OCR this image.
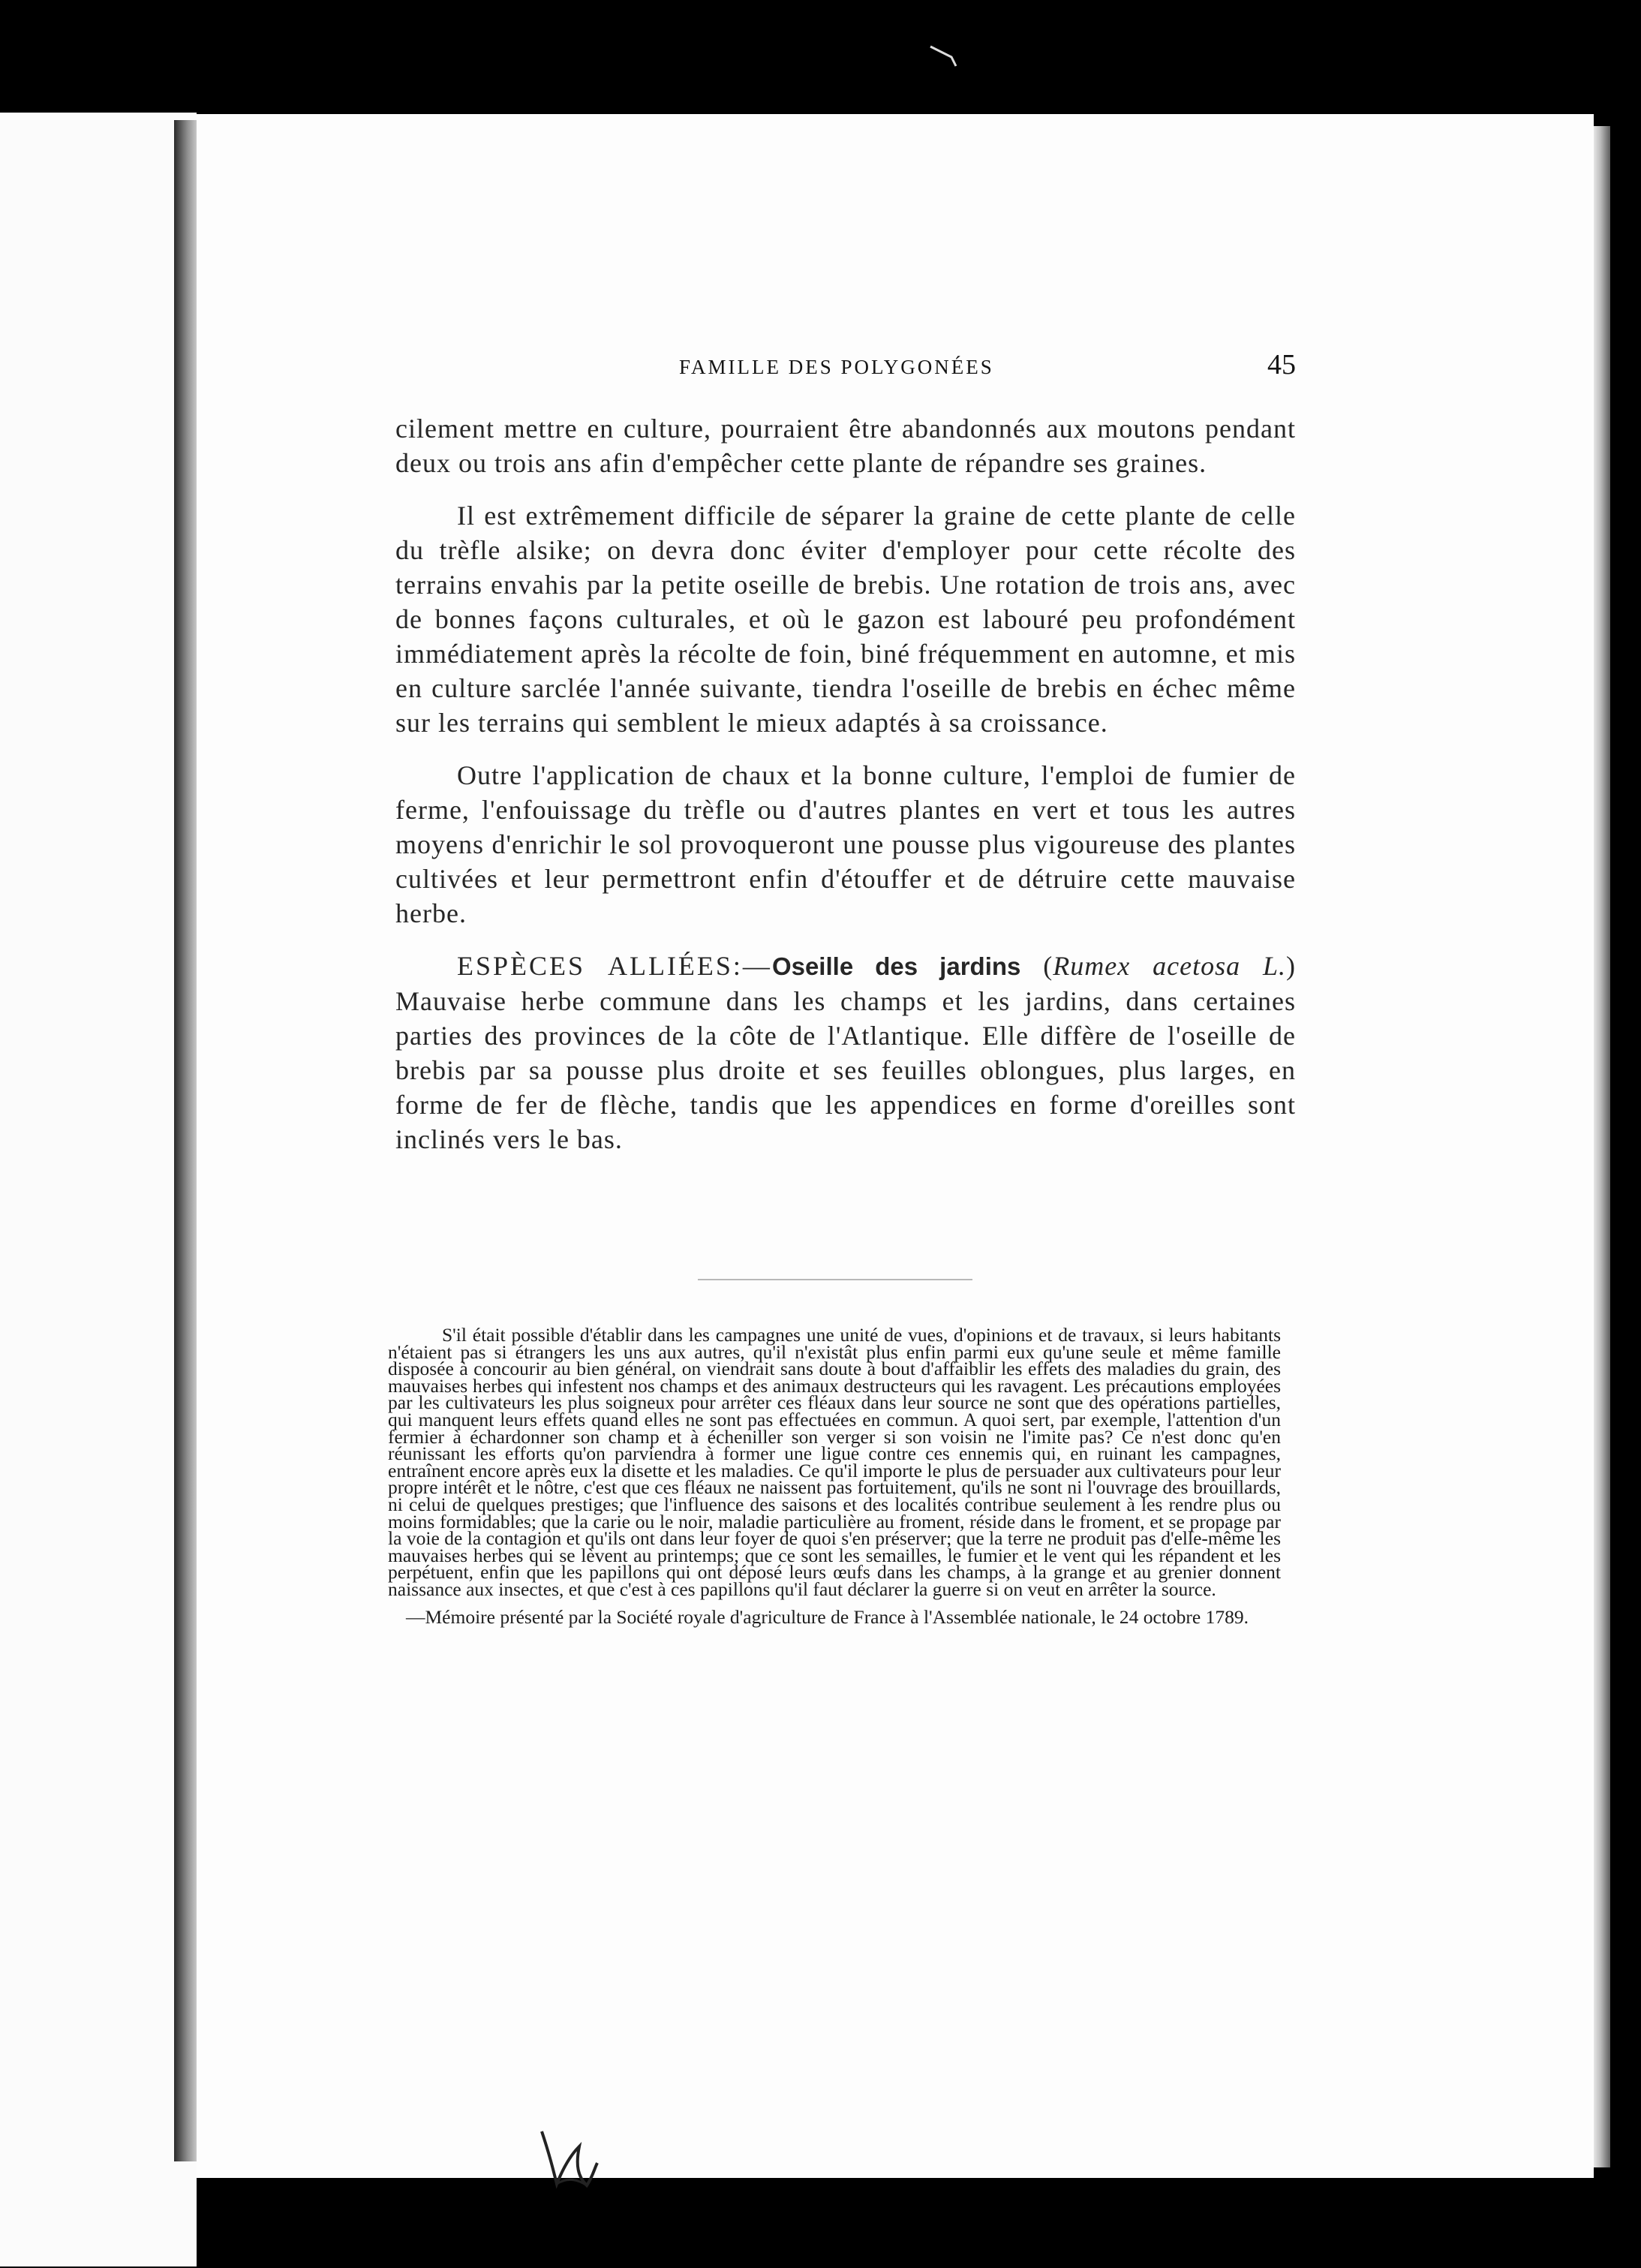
FAMILLE DES POLYGONÉES	45

cilement mettre en culture, pourraient être abandonnés aux moutons pendant deux ou trois ans afin d'empêcher cette plante de répandre ses graines.

Il est extrêmement difficile de séparer la graine de cette plante de celle du trèfle alsike; on devra donc éviter d'employer pour cette récolte des terrains envahis par la petite oseille de brebis. Une rotation de trois ans, avec de bonnes façons culturales, et où le gazon est labouré peu profondément immédiatement après la récolte de foin, biné fréquemment en automne, et mis en culture sarclée l'année suivante, tiendra l'oseille de brebis en échec même sur les terrains qui semblent le mieux adaptés à sa croissance.

Outre l'application de chaux et la bonne culture, l'emploi de fumier de ferme, l'enfouissage du trèfle ou d'autres plantes en vert et tous les autres moyens d'enrichir le sol provoqueront une pousse plus vigoureuse des plantes cultivées et leur permettront enfin d'étouffer et de détruire cette mauvaise herbe.

ESPÈCES ALLIÉES:—Oseille des jardins (Rumex acetosa L.) Mauvaise herbe commune dans les champs et les jardins, dans certaines parties des provinces de la côte de l'Atlantique. Elle diffère de l'oseille de brebis par sa pousse plus droite et ses feuilles oblongues, plus larges, en forme de fer de flèche, tandis que les appendices en forme d'oreilles sont inclinés vers le bas.

S'il était possible d'établir dans les campagnes une unité de vues, d'opinions et de travaux, si leurs habitants n'étaient pas si étrangers les uns aux autres, qu'il n'existât plus enfin parmi eux qu'une seule et même famille disposée à concourir au bien général, on viendrait sans doute à bout d'affaiblir les effets des maladies du grain, des mauvaises herbes qui infestent nos champs et des animaux destructeurs qui les ravagent. Les précautions employées par les cultivateurs les plus soigneux pour arrêter ces fléaux dans leur source ne sont que des opérations partielles, qui manquent leurs effets quand elles ne sont pas effectuées en commun. A quoi sert, par exemple, l'attention d'un fermier à échardonner son champ et à écheniller son verger si son voisin ne l'imite pas? Ce n'est donc qu'en réunissant les efforts qu'on parviendra à former une ligue contre ces ennemis qui, en ruinant les campagnes, entraînent encore après eux la disette et les maladies. Ce qu'il importe le plus de persuader aux cultivateurs pour leur propre intérêt et le nôtre, c'est que ces fléaux ne naissent pas fortuitement, qu'ils ne sont ni l'ouvrage des brouillards, ni celui de quelques prestiges; que l'influence des saisons et des localités contribue seulement à les rendre plus ou moins formidables; que la carie ou le noir, maladie particulière au froment, réside dans le froment, et se propage par la voie de la contagion et qu'ils ont dans leur foyer de quoi s'en préserver; que la terre ne produit pas d'elle-même les mauvaises herbes qui se lèvent au printemps; que ce sont les semailles, le fumier et le vent qui les répandent et les perpétuent, enfin que les papillons qui ont déposé leurs œufs dans les champs, à la grange et au grenier donnent naissance aux insectes, et que c'est à ces papillons qu'il faut déclarer la guerre si on veut en arrêter la source.

—Mémoire présenté par la Société royale d'agriculture de France à l'Assemblée nationale, le 24 octobre 1789.
